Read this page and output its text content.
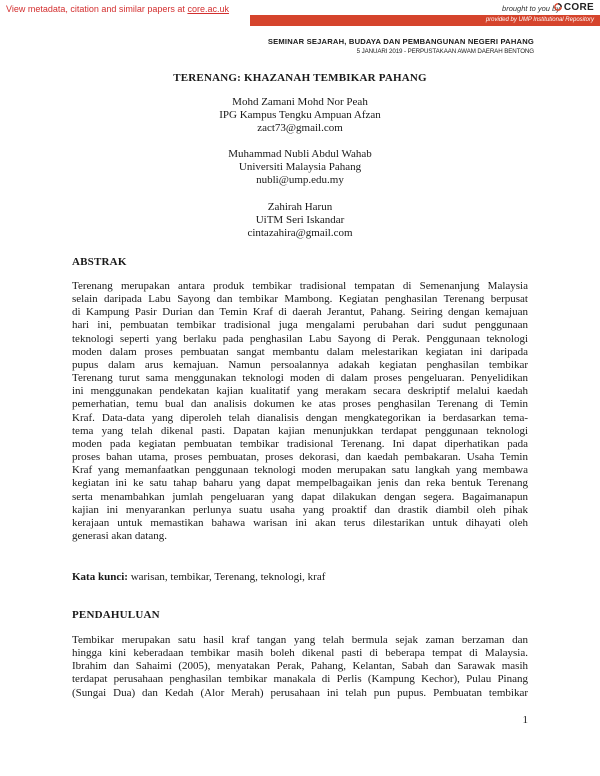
View metadata, citation and similar papers at core.ac.uk	brought to you by CORE
provided by UMP Institutional Repository
SEMINAR SEJARAH, BUDAYA DAN PEMBANGUNAN NEGERI PAHANG
5 JANUARI 2019 - PERPUSTAKAAN AWAM DAERAH BENTONG
TERENANG: KHAZANAH TEMBIKAR PAHANG
Mohd Zamani Mohd Nor Peah
IPG Kampus Tengku Ampuan Afzan
zact73@gmail.com
Muhammad Nubli Abdul Wahab
Universiti Malaysia Pahang
nubli@ump.edu.my
Zahirah Harun
UiTM Seri Iskandar
cintazahira@gmail.com
ABSTRAK
Terenang merupakan antara produk tembikar tradisional tempatan di Semenanjung Malaysia
selain daripada Labu Sayong dan tembikar Mambong. Kegiatan penghasilan Terenang berpusat
di Kampung Pasir Durian dan Temin Kraf di daerah Jerantut, Pahang. Seiring dengan kemajuan
hari ini, pembuatan tembikar tradisional juga mengalami perubahan dari sudut penggunaan
teknologi seperti yang berlaku pada penghasilan Labu Sayong di Perak. Penggunaan teknologi
moden dalam proses pembuatan sangat membantu dalam melestarikan kegiatan ini daripada
pupus dalam arus kemajuan. Namun persoalannya adakah kegiatan penghasilan tembikar
Terenang turut sama menggunakan teknologi moden di dalam proses pengeluaran. Penyelidikan
ini menggunakan pendekatan kajian kualitatif yang merakam secara deskriptif melalui kaedah
pemerhatian, temu bual dan analisis dokumen ke atas proses penghasilan Terenang di Temin
Kraf. Data-data yang diperoleh telah dianalisis dengan mengkategorikan ia berdasarkan tema-
tema yang telah dikenal pasti. Dapatan kajian menunjukkan terdapat penggunaan teknologi
moden pada kegiatan pembuatan tembikar tradisional Terenang. Ini dapat diperhatikan pada
proses bahan utama, proses pembuatan, proses dekorasi, dan kaedah pembakaran. Usaha Temin
Kraf yang memanfaatkan penggunaan teknologi moden merupakan satu langkah yang membawa
kegiatan ini ke satu tahap baharu yang dapat mempelbagaikan jenis dan reka bentuk Terenang
serta menambahkan jumlah pengeluaran yang dapat dilakukan dengan segera. Bagaimanapun
kajian ini menyarankan perlunya suatu usaha yang proaktif dan drastik diambil oleh pihak
kerajaan untuk memastikan bahawa warisan ini akan terus dilestarikan untuk dihayati oleh
generasi akan datang.
Kata kunci: warisan, tembikar, Terenang, teknologi, kraf
PENDAHULUAN
Tembikar merupakan satu hasil kraf tangan yang telah bermula sejak zaman berzaman dan
hingga kini keberadaan tembikar masih boleh dikenal pasti di beberapa tempat di Malaysia.
Ibrahim dan Sahaimi (2005), menyatakan Perak, Pahang, Kelantan, Sabah dan Sarawak masih
terdapat perusahaan penghasilan tembikar manakala di Perlis (Kampung Kechor), Pulau Pinang
(Sungai Dua) dan Kedah (Alor Merah) perusahaan ini telah pun pupus. Pembuatan tembikar
1
